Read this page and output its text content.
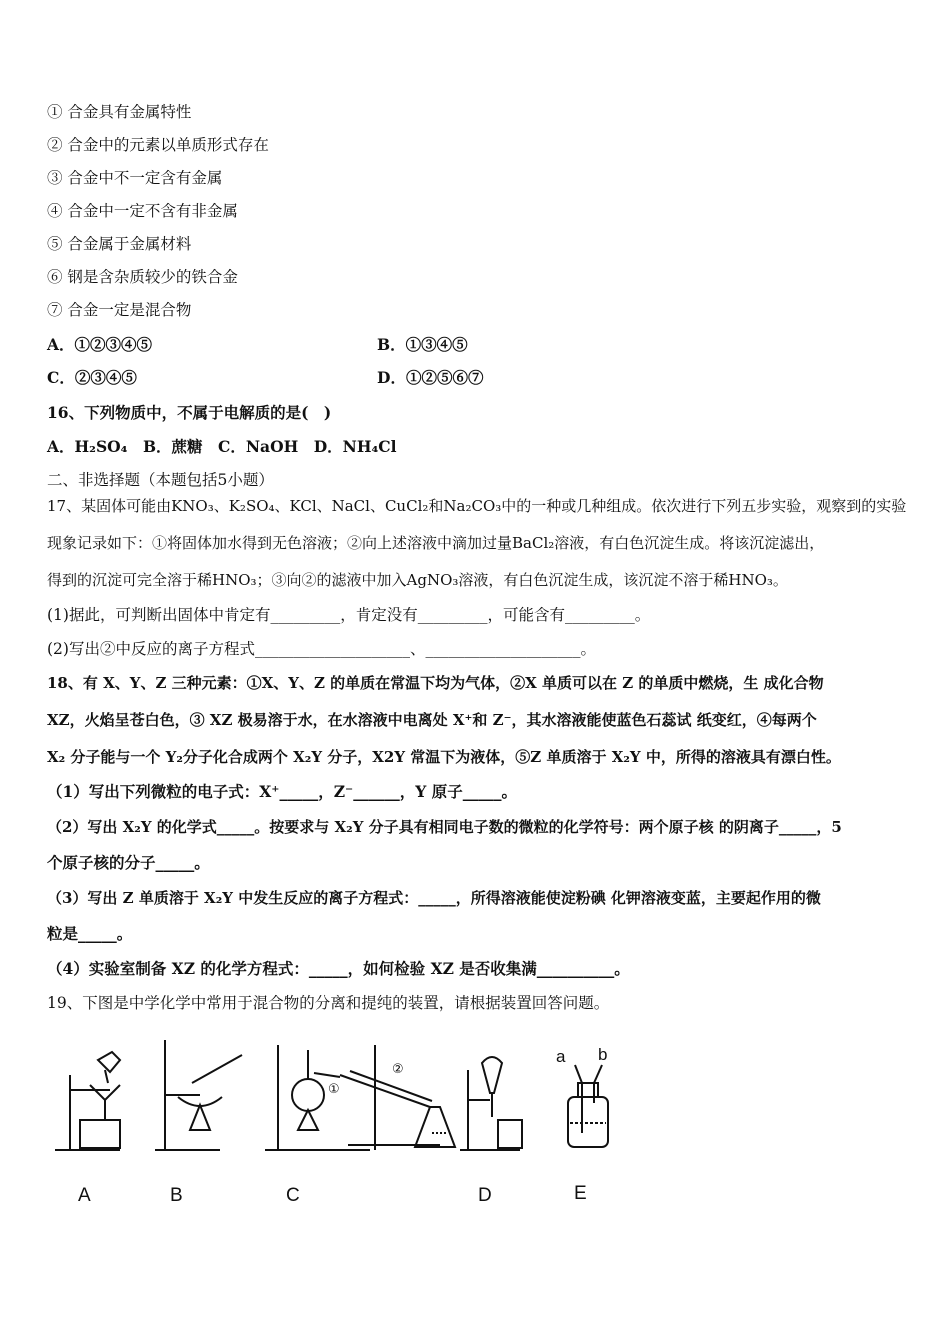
① 合金具有金属特性
② 合金中的元素以单质形式存在
③ 合金中不一定含有金属
④ 合金中一定不含有非金属
⑤ 合金属于金属材料
⑥ 钢是含杂质较少的铁合金
⑦ 合金一定是混合物
A．①②③④⑤	B．①③④⑤
C．②③④⑤	D．①②⑤⑥⑦
16、下列物质中，不属于电解质的是(　)
A．H₂SO₄　B．蔗糖　C．NaOH　D．NH₄Cl
二、非选择题（本题包括5小题）
17、某固体可能由KNO₃、K₂SO₄、KCl、NaCl、CuCl₂和Na₂CO₃中的一种或几种组成。依次进行下列五步实验，观察到的实验
现象记录如下：①将固体加水得到无色溶液；②向上述溶液中滴加过量BaCl₂溶液，有白色沉淀生成。将该沉淀滤出，
得到的沉淀可完全溶于稀HNO₃；③向②的滤液中加入AgNO₃溶液，有白色沉淀生成，该沉淀不溶于稀HNO₃。
(1)据此，可判断出固体中肯定有_________，肯定没有_________，可能含有_________。
(2)写出②中反应的离子方程式____________________、____________________。
18、有 X、Y、Z 三种元素：①X、Y、Z 的单质在常温下均为气体，②X 单质可以在 Z 的单质中燃烧，生 成化合物
XZ，火焰呈苍白色，③ XZ 极易溶于水，在水溶液中电离处 X⁺和 Z⁻，其水溶液能使蓝色石蕊试 纸变红，④每两个
X₂ 分子能与一个 Y₂分子化合成两个 X₂Y 分子，X2Y 常温下为液体，⑤Z 单质溶于 X₂Y 中，所得的溶液具有漂白性。
（1）写出下列微粒的电子式：X⁺_____，Z⁻______，Y 原子_____。
（2）写出 X₂Y 的化学式_____。按要求与 X₂Y 分子具有相同电子数的微粒的化学符号：两个原子核 的阴离子_____，5
个原子核的分子_____。
（3）写出 Z 单质溶于 X₂Y 中发生反应的离子方程式：_____，所得溶液能使淀粉碘 化钾溶液变蓝，主要起作用的微
粒是_____。
（4）实验室制备 XZ 的化学方程式：_____，如何检验 XZ 是否收集满__________。
19、下图是中学化学中常用于混合物的分离和提纯的装置，请根据装置回答问题。
A	B	C	D	E
①
②
a b
